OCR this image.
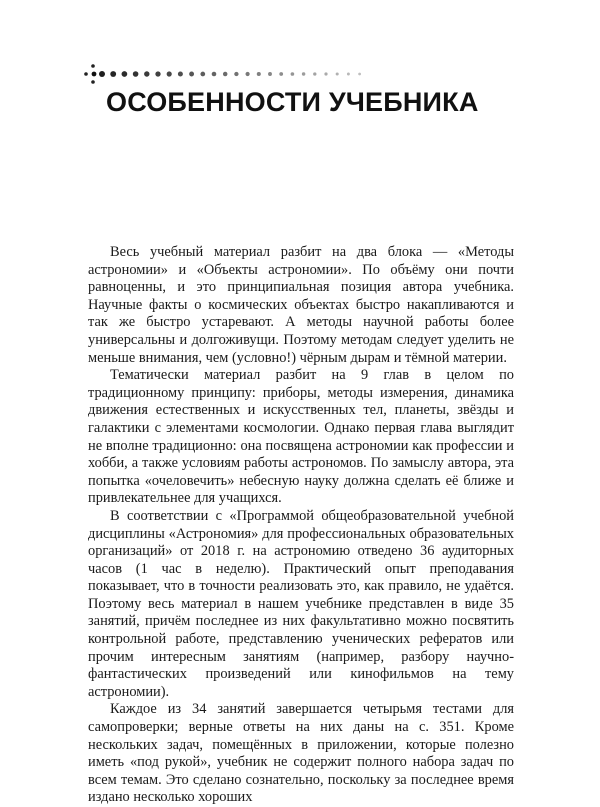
ОСОБЕННОСТИ УЧЕБНИКА

Весь учебный материал разбит на два блока — «Методы астрономии» и «Объекты астрономии». По объёму они почти равноценны, и это принципиальная позиция автора учебника. Научные факты о космических объектах быстро накапливаются и так же быстро устаревают. А методы научной работы более универсальны и долгоживущи. Поэтому методам следует уделить не меньше внимания, чем (условно!) чёрным дырам и тёмной материи.

Тематически материал разбит на 9 глав в целом по традиционному принципу: приборы, методы измерения, динамика движения естественных и искусственных тел, планеты, звёзды и галактики с элементами космологии. Однако первая глава выглядит не вполне традиционно: она посвящена астрономии как профессии и хобби, а также условиям работы астрономов. По замыслу автора, эта попытка «очеловечить» небесную науку должна сделать её ближе и привлекательнее для учащихся.

В соответствии с «Программой общеобразовательной учебной дисциплины «Астрономия» для профессиональных образовательных организаций» от 2018 г. на астрономию отведено 36 аудиторных часов (1 час в неделю). Практический опыт преподавания показывает, что в точности реализовать это, как правило, не удаётся. Поэтому весь материал в нашем учебнике представлен в виде 35 занятий, причём последнее из них факультативно можно посвятить контрольной работе, представлению ученических рефератов или прочим интересным занятиям (например, разбору научно-фантастических произведений или кинофильмов на тему астрономии).

Каждое из 34 занятий завершается четырьмя тестами для самопроверки; верные ответы на них даны на с. 351. Кроме нескольких задач, помещённых в приложении, которые полезно иметь «под рукой», учебник не содержит полного набора задач по всем темам. Это сделано сознательно, поскольку за последнее время издано несколько хороших
